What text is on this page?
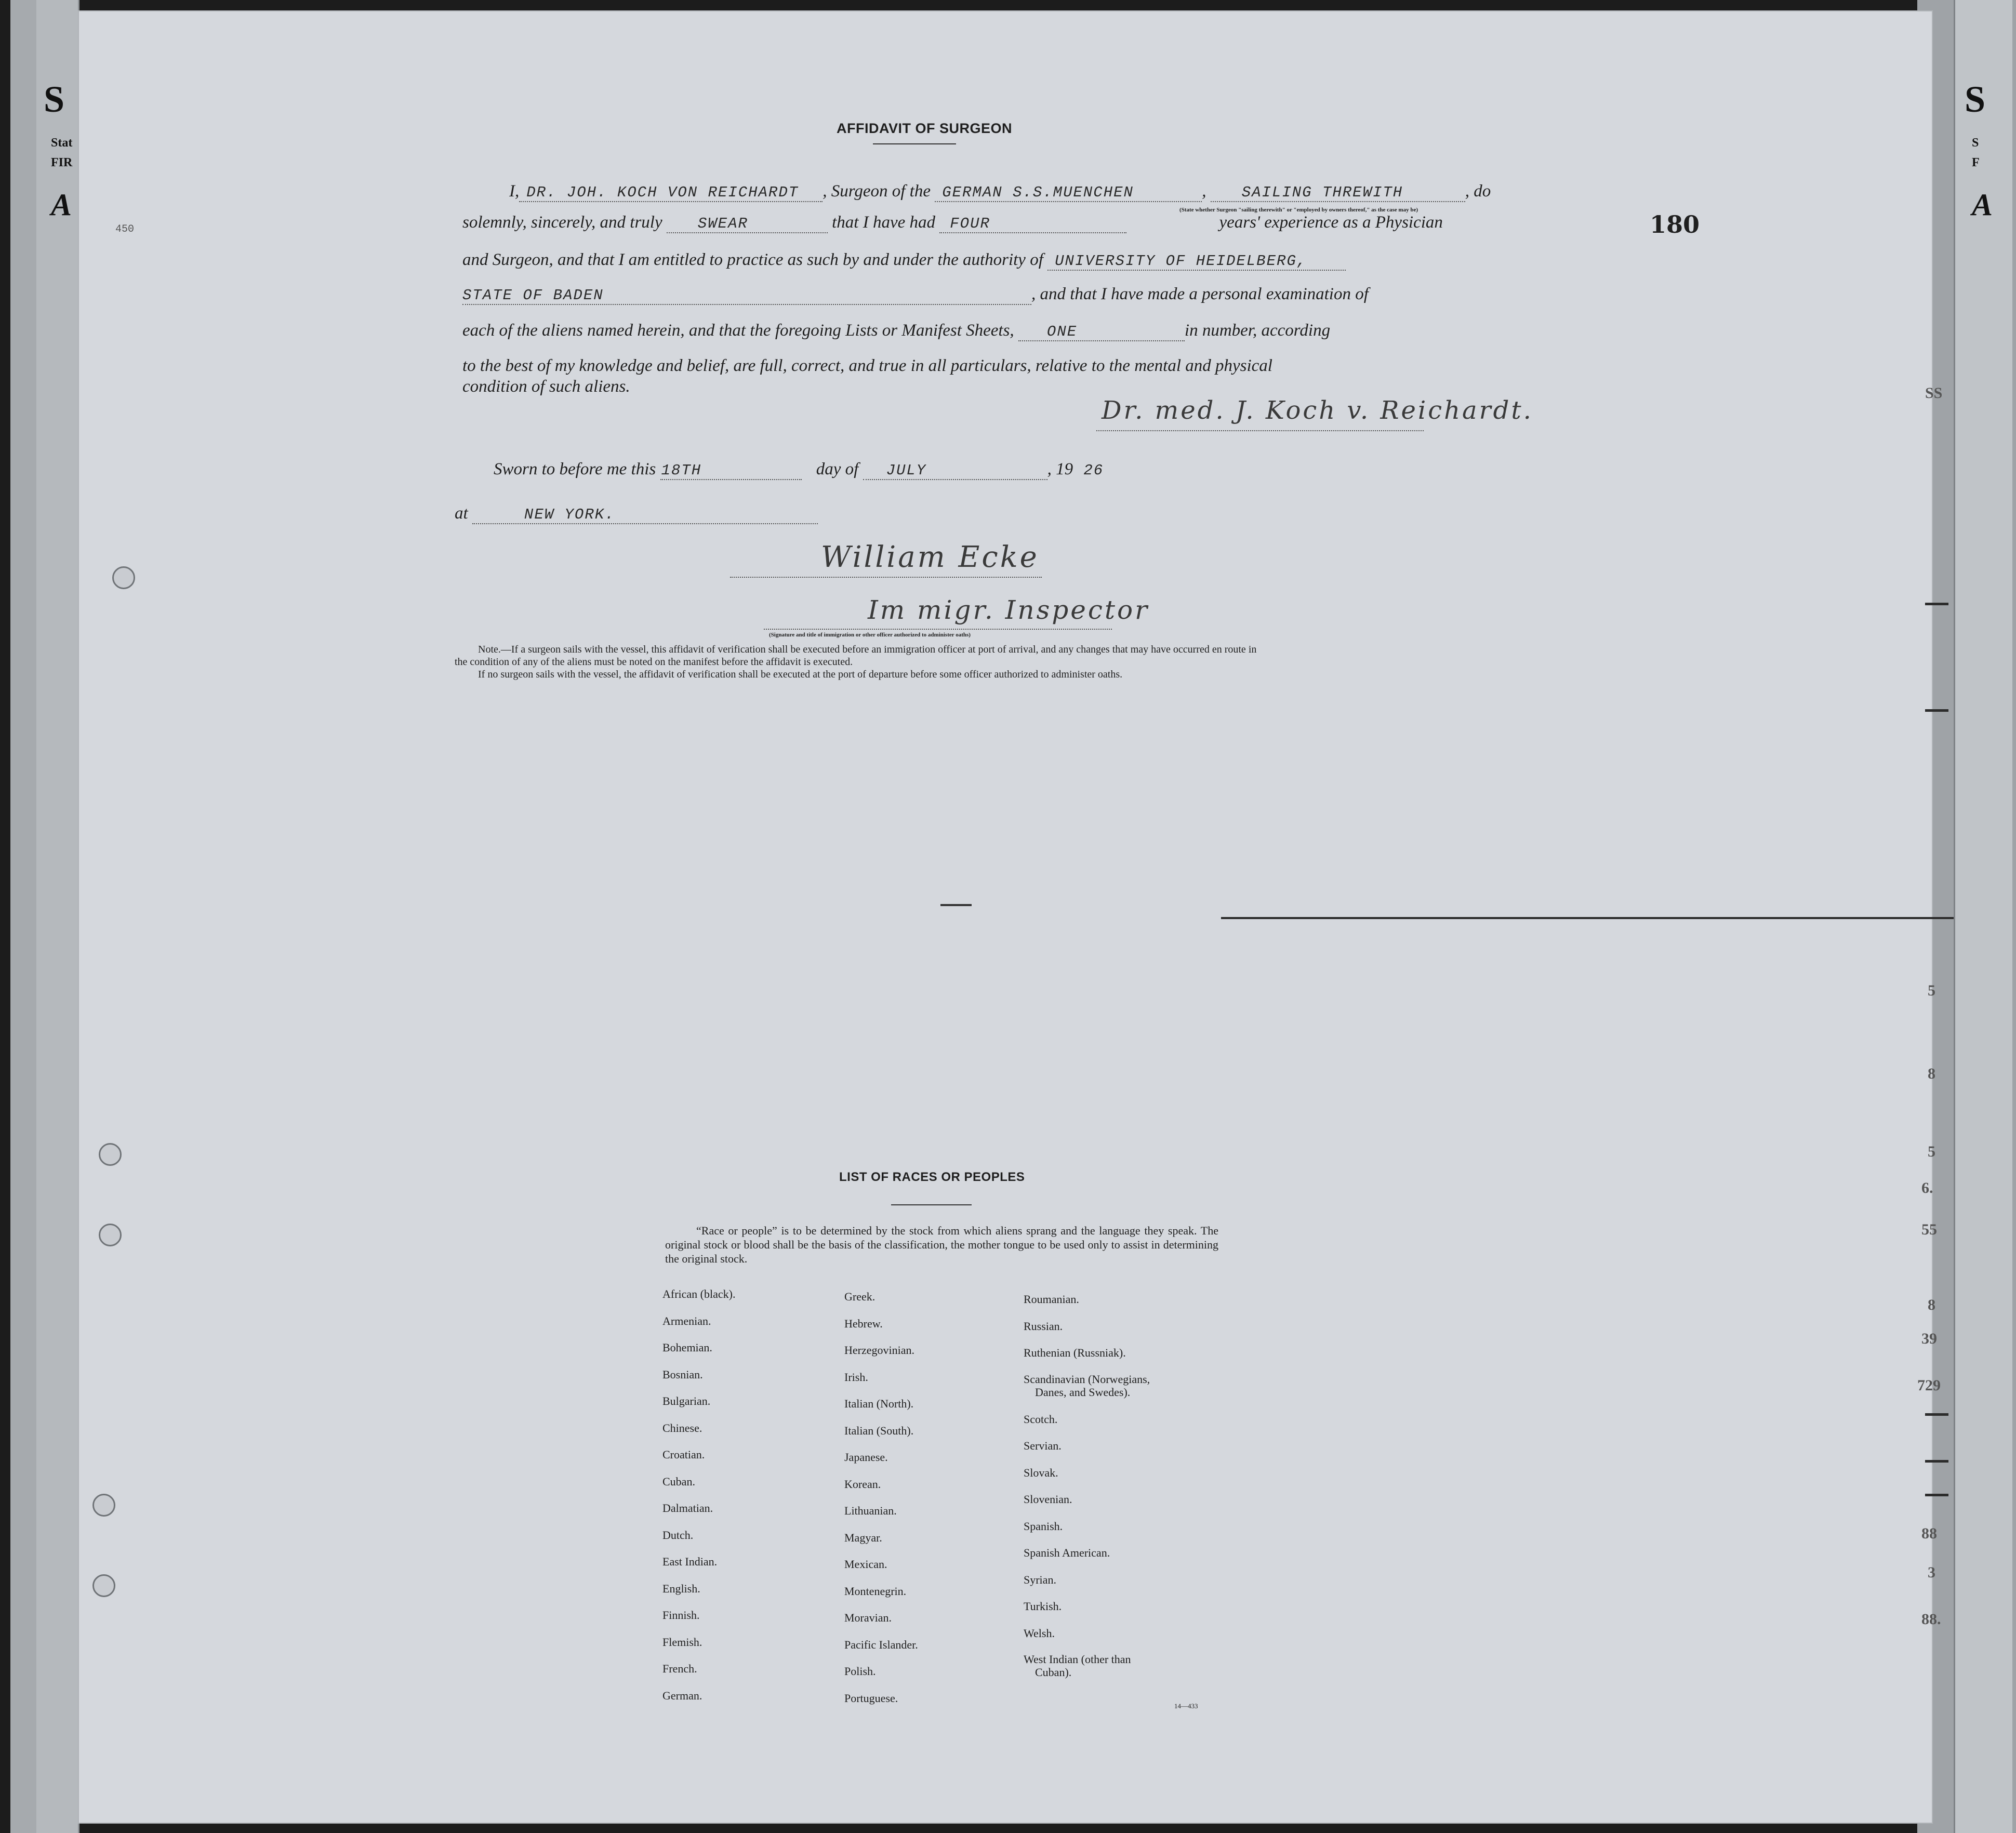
S
Stat
FIR
A
S
S
F
A
450	180
AFFIDAVIT OF SURGEON
I, DR. JOH. KOCH VON REICHARDT , Surgeon of the GERMAN S.S.MUENCHEN	, SAILING THREWITH	, do
(State whether Surgeon "sailing therewith" or "employed by owners thereof," as the case may be)
solemnly, sincerely, and truly SWEAR	that I have had FOUR	years' experience as a Physician
and Surgeon, and that I am entitled to practice as such by and under the authority of UNIVERSITY OF HEIDELBERG,
STATE OF BADEN	, and that I have made a personal examination of
each of the aliens named herein, and that the foregoing Lists or Manifest Sheets, ONE	in number, according
to the best of my knowledge and belief, are full, correct, and true in all particulars, relative to the mental and physical
condition of such aliens.
Dr. med. J. Koch v. Reichardt.
Sworn to before me this 18TH	day of JULY	, 19 26
at	NEW YORK.
William Ecke
Im migr. Inspector
(Signature and title of immigration or other officer authorized to administer oaths)
Note.—If a surgeon sails with the vessel, this affidavit of verification shall be executed before an immigration officer at port of arrival, and any changes that may have occurred en route in
the condition of any of the aliens must be noted on the manifest before the affidavit is executed.
If no surgeon sails with the vessel, the affidavit of verification shall be executed at the port of departure before some officer authorized to administer oaths.
LIST OF RACES OR PEOPLES
“Race or people” is to be determined by the stock from which aliens sprang and the language they speak. The original stock or blood shall be the basis of the classification, the mother tongue to be used only to assist in determining the original stock.
African (black).
Armenian.
Bohemian.
Bosnian.
Bulgarian.
Chinese.
Croatian.
Cuban.
Dalmatian.
Dutch.
East Indian.
English.
Finnish.
Flemish.
French.
German.
Greek.
Hebrew.
Herzegovinian.
Irish.
Italian (North).
Italian (South).
Japanese.
Korean.
Lithuanian.
Magyar.
Mexican.
Montenegrin.
Moravian.
Pacific Islander.
Polish.
Portuguese.
Roumanian.
Russian.
Ruthenian (Russniak).
Scandinavian (Norwegians,
Danes, and Swedes).
Scotch.
Servian.
Slovak.
Slovenian.
Spanish.
Spanish American.
Syrian.
Turkish.
Welsh.
West Indian (other than
Cuban).
14—433
SS
5
8
5
6.
55
8
39
729
88
3
88.
